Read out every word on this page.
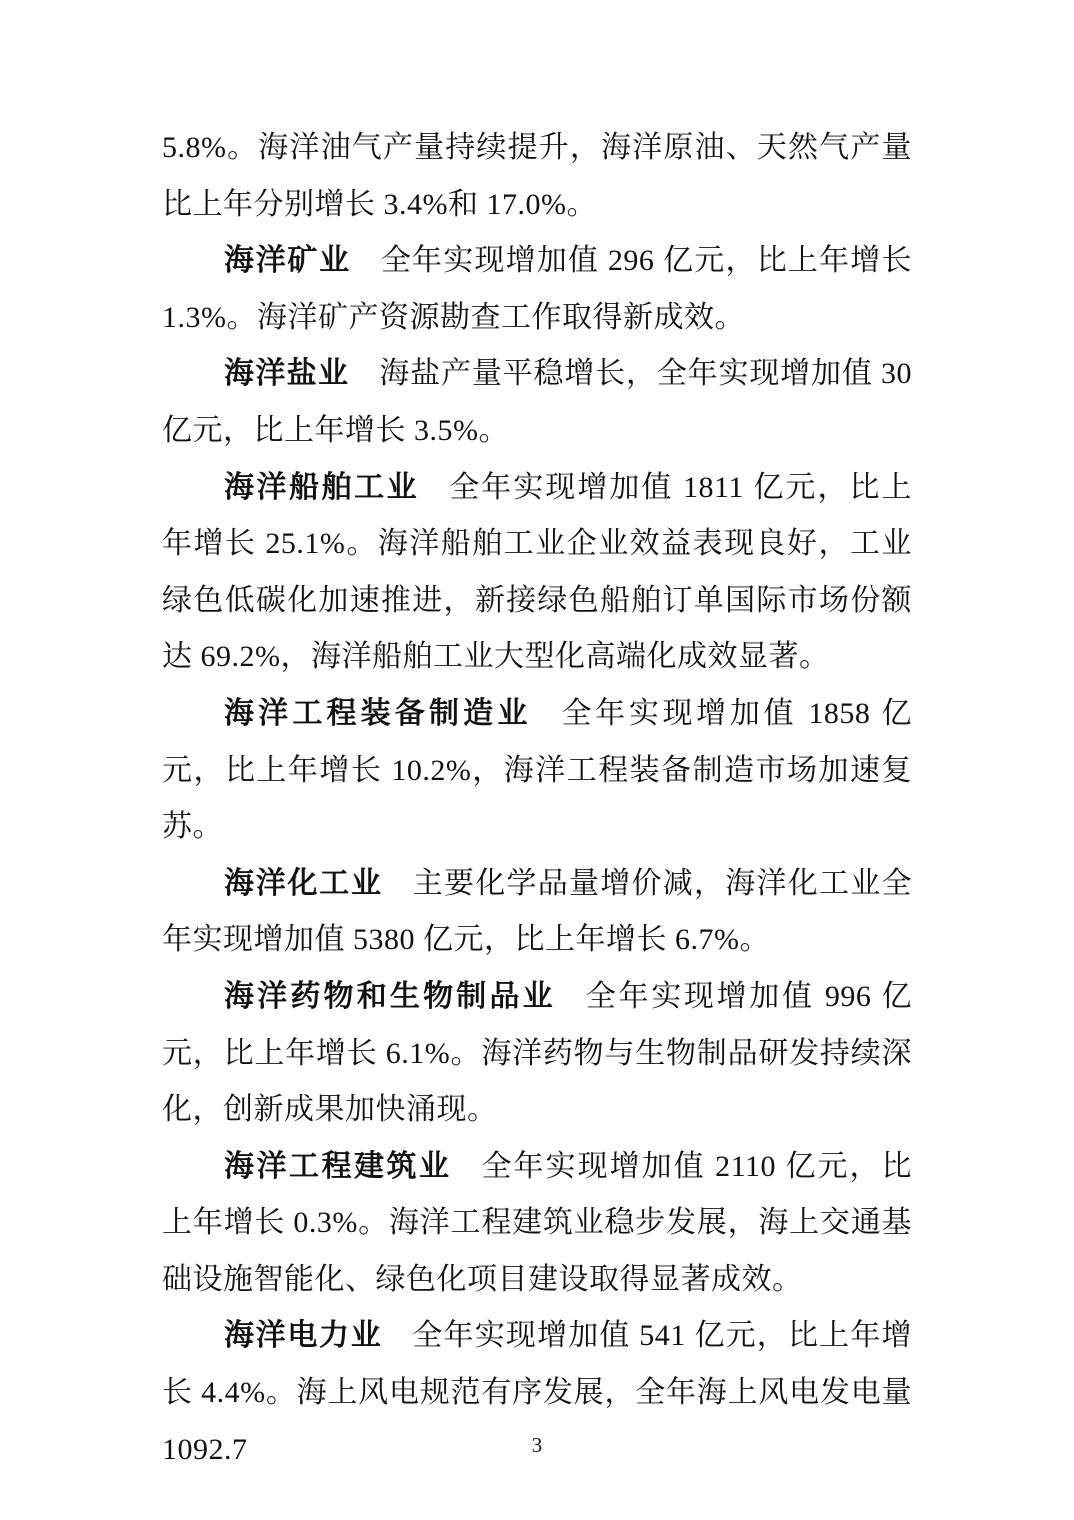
5.8%。海洋油气产量持续提升，海洋原油、天然气产量比上年分别增长 3.4%和 17.0%。

海洋矿业 全年实现增加值 296 亿元，比上年增长 1.3%。海洋矿产资源勘查工作取得新成效。

海洋盐业 海盐产量平稳增长，全年实现增加值 30 亿元，比上年增长 3.5%。

海洋船舶工业 全年实现增加值 1811 亿元，比上年增长 25.1%。海洋船舶工业企业效益表现良好，工业绿色低碳化加速推进，新接绿色船舶订单国际市场份额达 69.2%，海洋船舶工业大型化高端化成效显著。

海洋工程装备制造业 全年实现增加值 1858 亿元，比上年增长 10.2%，海洋工程装备制造市场加速复苏。

海洋化工业 主要化学品量增价减，海洋化工业全年实现增加值 5380 亿元，比上年增长 6.7%。

海洋药物和生物制品业 全年实现增加值 996 亿元，比上年增长 6.1%。海洋药物与生物制品研发持续深化，创新成果加快涌现。

海洋工程建筑业 全年实现增加值 2110 亿元，比上年增长 0.3%。海洋工程建筑业稳步发展，海上交通基础设施智能化、绿色化项目建设取得显著成效。

海洋电力业 全年实现增加值 541 亿元，比上年增长 4.4%。海上风电规范有序发展，全年海上风电发电量 1092.7	3
